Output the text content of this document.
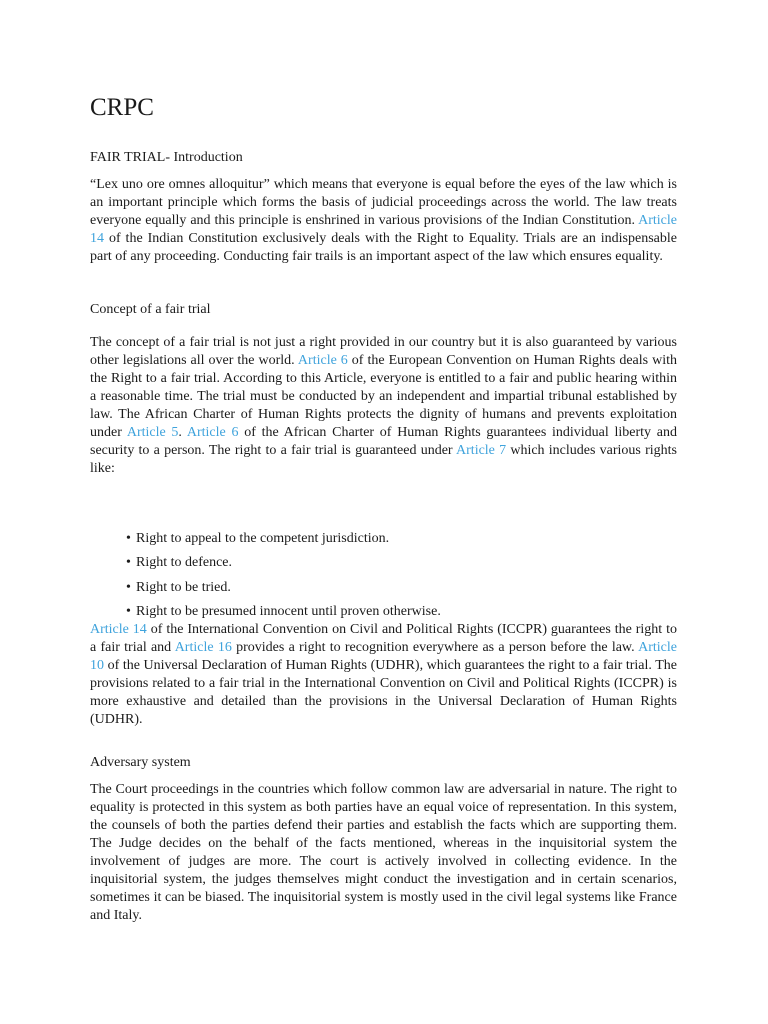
CRPC
FAIR TRIAL- Introduction

“Lex uno ore omnes alloquitur” which means that everyone is equal before the eyes of the law which is an important principle which forms the basis of judicial proceedings across the world. The law treats everyone equally and this principle is enshrined in various provisions of the Indian Constitution. Article 14 of the Indian Constitution exclusively deals with the Right to Equality. Trials are an indispensable part of any proceeding. Conducting fair trails is an important aspect of the law which ensures equality.

Concept of a fair trial

The concept of a fair trial is not just a right provided in our country but it is also guaranteed by various other legislations all over the world. Article 6 of the European Convention on Human Rights deals with the Right to a fair trial. According to this Article, everyone is entitled to a fair and public hearing within a reasonable time. The trial must be conducted by an independent and impartial tribunal established by law. The African Charter of Human Rights protects the dignity of humans and prevents exploitation under Article 5. Article 6 of the African Charter of Human Rights guarantees individual liberty and security to a person. The right to a fair trial is guaranteed under Article 7 which includes various rights like:

• Right to appeal to the competent jurisdiction.
• Right to defence.
• Right to be tried.
• Right to be presumed innocent until proven otherwise.

Article 14 of the International Convention on Civil and Political Rights (ICCPR) guarantees the right to a fair trial and Article 16 provides a right to recognition everywhere as a person before the law. Article 10 of the Universal Declaration of Human Rights (UDHR), which guarantees the right to a fair trial. The provisions related to a fair trial in the International Convention on Civil and Political Rights (ICCPR) is more exhaustive and detailed than the provisions in the Universal Declaration of Human Rights (UDHR).

Adversary system

The Court proceedings in the countries which follow common law are adversarial in nature. The right to equality is protected in this system as both parties have an equal voice of representation. In this system, the counsels of both the parties defend their parties and establish the facts which are supporting them. The Judge decides on the behalf of the facts mentioned, whereas in the inquisitorial system the involvement of judges are more. The court is actively involved in collecting evidence. In the inquisitorial system, the judges themselves might conduct the investigation and in certain scenarios, sometimes it can be biased. The inquisitorial system is mostly used in the civil legal systems like France and Italy.
